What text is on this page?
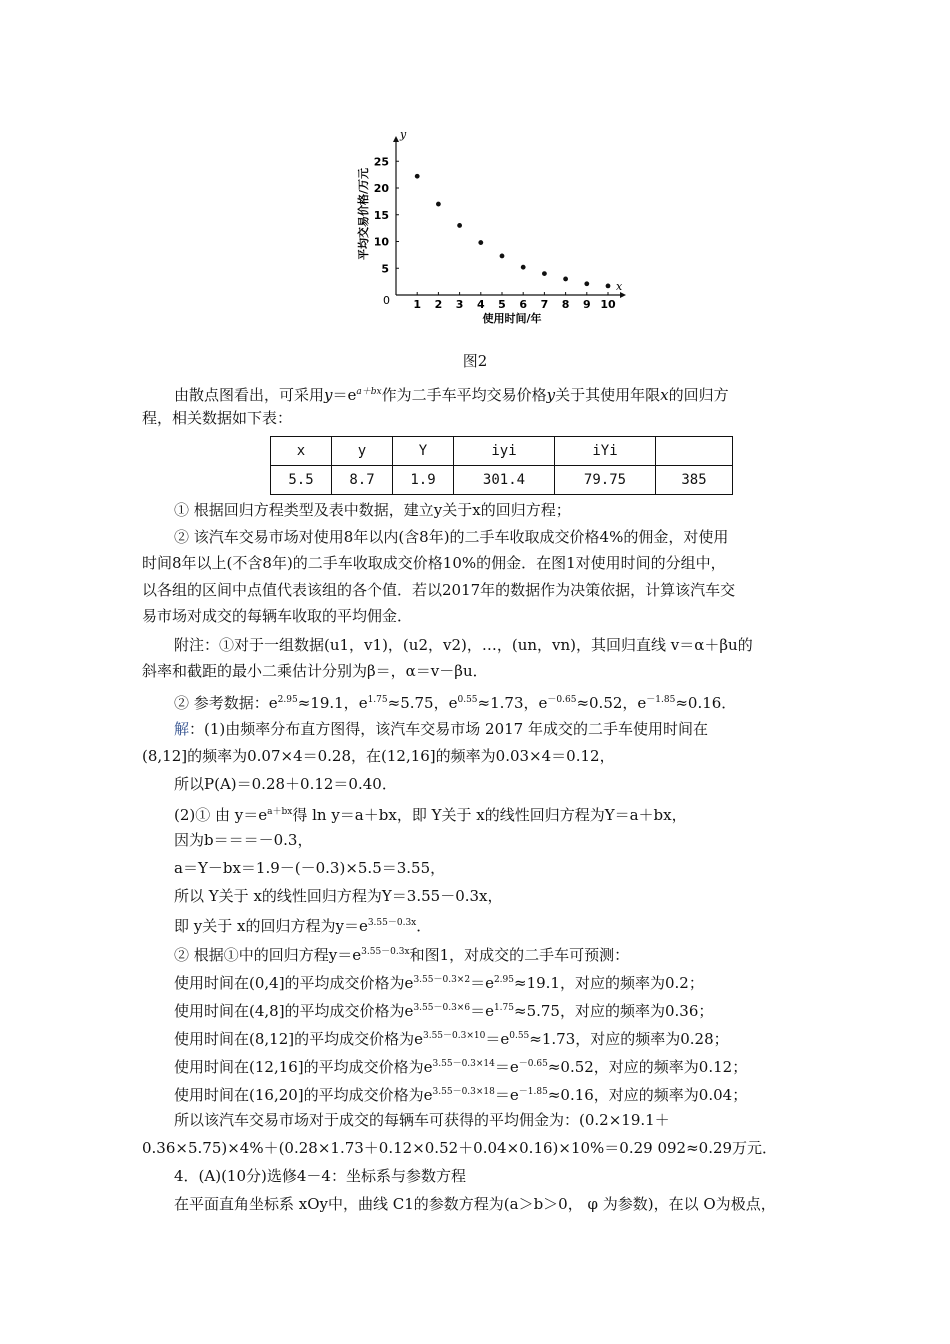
y
x
0
平均交易价格/万元
使用时间/年
1 2 3 4 5 6 7 8 9 10
5
10
15
20
25
图2
由散点图看出，可采用$y=e^{a+bx}$作为二手车平均交易价格y关于其使用年限x的回归方
程，相关数据如下表：
x	y	Y	iyi	iYi	
5.5	8.7	1.9	301.4	79.75	385
① 根据回归方程类型及表中数据，建立y关于x的回归方程；
② 该汽车交易市场对使用8年以内(含8年)的二手车收取成交价格4%的佣金，对使用
时间8年以上(不含8年)的二手车收取成交价格10%的佣金．在图1对使用时间的分组中，
以各组的区间中点值代表该组的各个值．若以2017年的数据作为决策依据，计算该汽车交
易市场对成交的每辆车收取的平均佣金．
附注：①对于一组数据(u1，v1)，(u2，v2)，…，(un，vn)，其回归直线 v＝α＋βu的
斜率和截距的最小二乘估计分别为β＝，α＝v－βu．
② 参考数据：$e^{2.95}\approx 19.1$，$e^{1.75}\approx 5.75$，$e^{0.55}\approx 1.73$，$e^{-0.65}\approx 0.52$，$e^{-1.85}\approx 0.16$．
解：(1)由频率分布直方图得，该汽车交易市场 2017 年成交的二手车使用时间在
(8,12]的频率为0.07×4＝0.28，在(12,16]的频率为0.03×4＝0.12，
所以P(A)＝0.28＋0.12＝0.40．
(2)① 由 $y=e^{a+bx}$得 ln y＝a＋bx，即 Y关于 x的线性回归方程为Y＝a＋bx，
因为b＝＝＝－0.3，
a＝Y－bx＝1.9－(－0.3)×5.5＝3.55，
所以 Y关于 x的线性回归方程为Y＝3.55－0.3x，
即 y关于 x的回归方程为$y=e^{3.55-0.3x}$．
② 根据①中的回归方程$y=e^{3.55-0.3x}$和图1，对成交的二手车可预测：
使用时间在(0,4]的平均成交价格为$e^{3.55-0.3\times 2}=e^{2.95}\approx 19.1$，对应的频率为0.2；
使用时间在(4,8]的平均成交价格为$e^{3.55-0.3\times 6}=e^{1.75}\approx 5.75$，对应的频率为0.36；
使用时间在(8,12]的平均成交价格为$e^{3.55-0.3\times 10}=e^{0.55}\approx 1.73$，对应的频率为0.28；
使用时间在(12,16]的平均成交价格为$e^{3.55-0.3\times 14}=e^{-0.65}\approx 0.52$，对应的频率为0.12；
使用时间在(16,20]的平均成交价格为$e^{3.55-0.3\times 18}=e^{-1.85}\approx 0.16$，对应的频率为0.04；
所以该汽车交易市场对于成交的每辆车可获得的平均佣金为：(0.2×19.1＋
0.36×5.75)×4%＋(0.28×1.73＋0.12×0.52＋0.04×0.16)×10%＝0.29 092≈0.29万元．
4．(A)(10分)选修4－4：坐标系与参数方程
在平面直角坐标系 xOy中，曲线 C1的参数方程为(a＞b＞0， φ 为参数)，在以 O为极点，
